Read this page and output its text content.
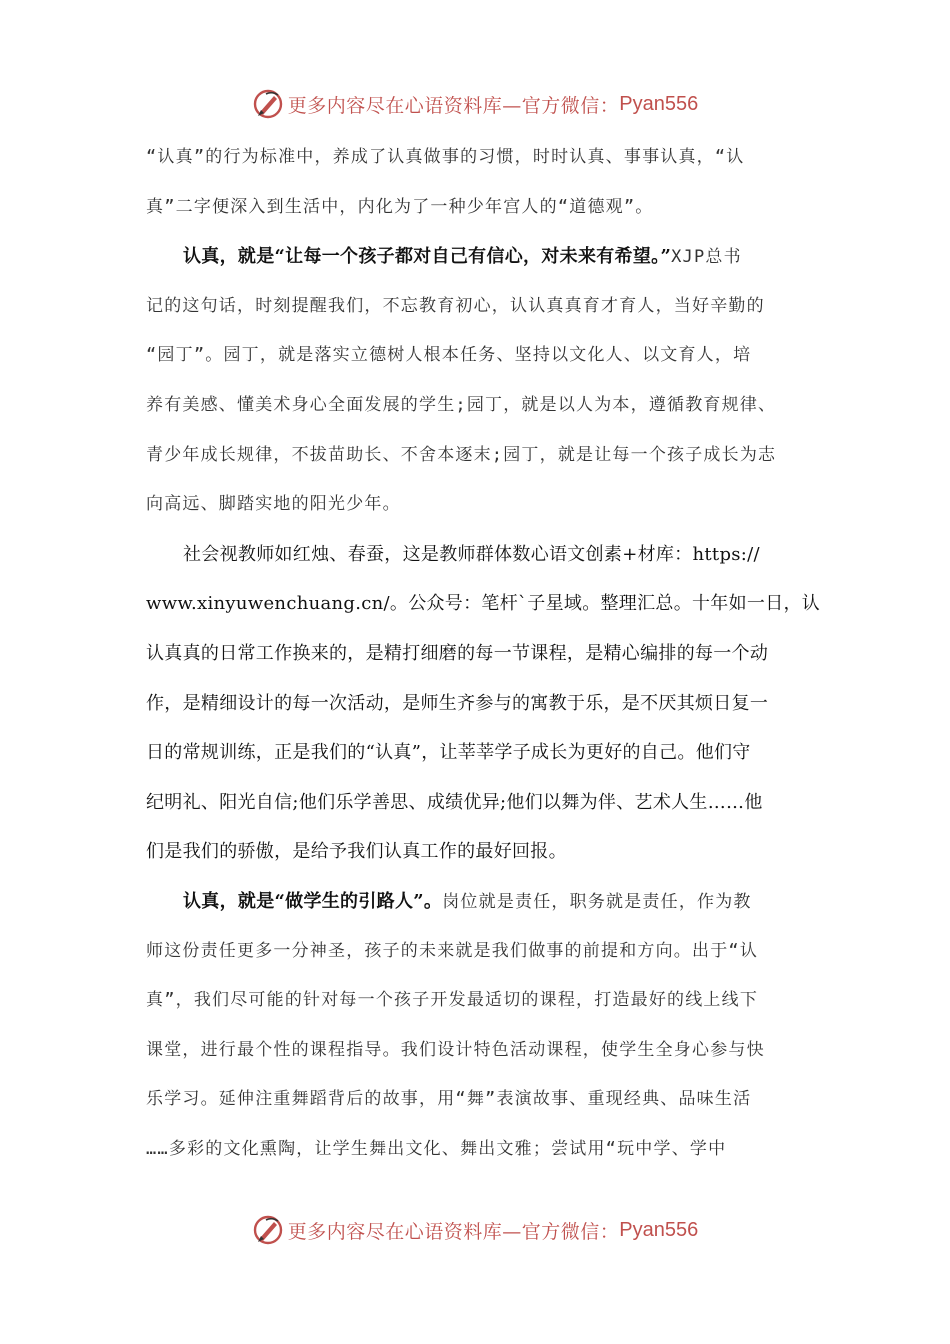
更多内容尽在心语资料库—官方微信： Pyan556
“认真”的行为标准中，养成了认真做事的习惯，时时认真、事事认真，“认
真”二字便深入到生活中，内化为了一种少年宫人的“道德观”。
认真，就是“让每一个孩子都对自己有信心，对未来有希望。”XJP总书
记的这句话，时刻提醒我们，不忘教育初心，认认真真育才育人，当好辛勤的
“园丁”。园丁，就是落实立德树人根本任务、坚持以文化人、以文育人，培
养有美感、懂美术身心全面发展的学生;园丁，就是以人为本，遵循教育规律、
青少年成长规律，不拔苗助长、不舍本逐末;园丁，就是让每一个孩子成长为志
向高远、脚踏实地的阳光少年。
社会视教师如红烛、春蚕，这是教师群体数心语文创素+材库：https://
www.xinyuwenchuang.cn/。公众号：笔杆`子星域。整理汇总。十年如一日，认
认真真的日常工作换来的，是精打细磨的每一节课程，是精心编排的每一个动
作，是精细设计的每一次活动，是师生齐参与的寓教于乐，是不厌其烦日复一
日的常规训练，正是我们的“认真”，让莘莘学子成长为更好的自己。他们守
纪明礼、阳光自信;他们乐学善思、成绩优异;他们以舞为伴、艺术人生……他
们是我们的骄傲，是给予我们认真工作的最好回报。
认真，就是“做学生的引路人”。岗位就是责任，职务就是责任，作为教
师这份责任更多一分神圣，孩子的未来就是我们做事的前提和方向。出于“认
真”，我们尽可能的针对每一个孩子开发最适切的课程，打造最好的线上线下
课堂，进行最个性的课程指导。我们设计特色活动课程，使学生全身心参与快
乐学习。延伸注重舞蹈背后的故事，用“舞”表演故事、重现经典、品味生活
……多彩的文化熏陶，让学生舞出文化、舞出文雅；尝试用“玩中学、学中
更多内容尽在心语资料库—官方微信： Pyan556
